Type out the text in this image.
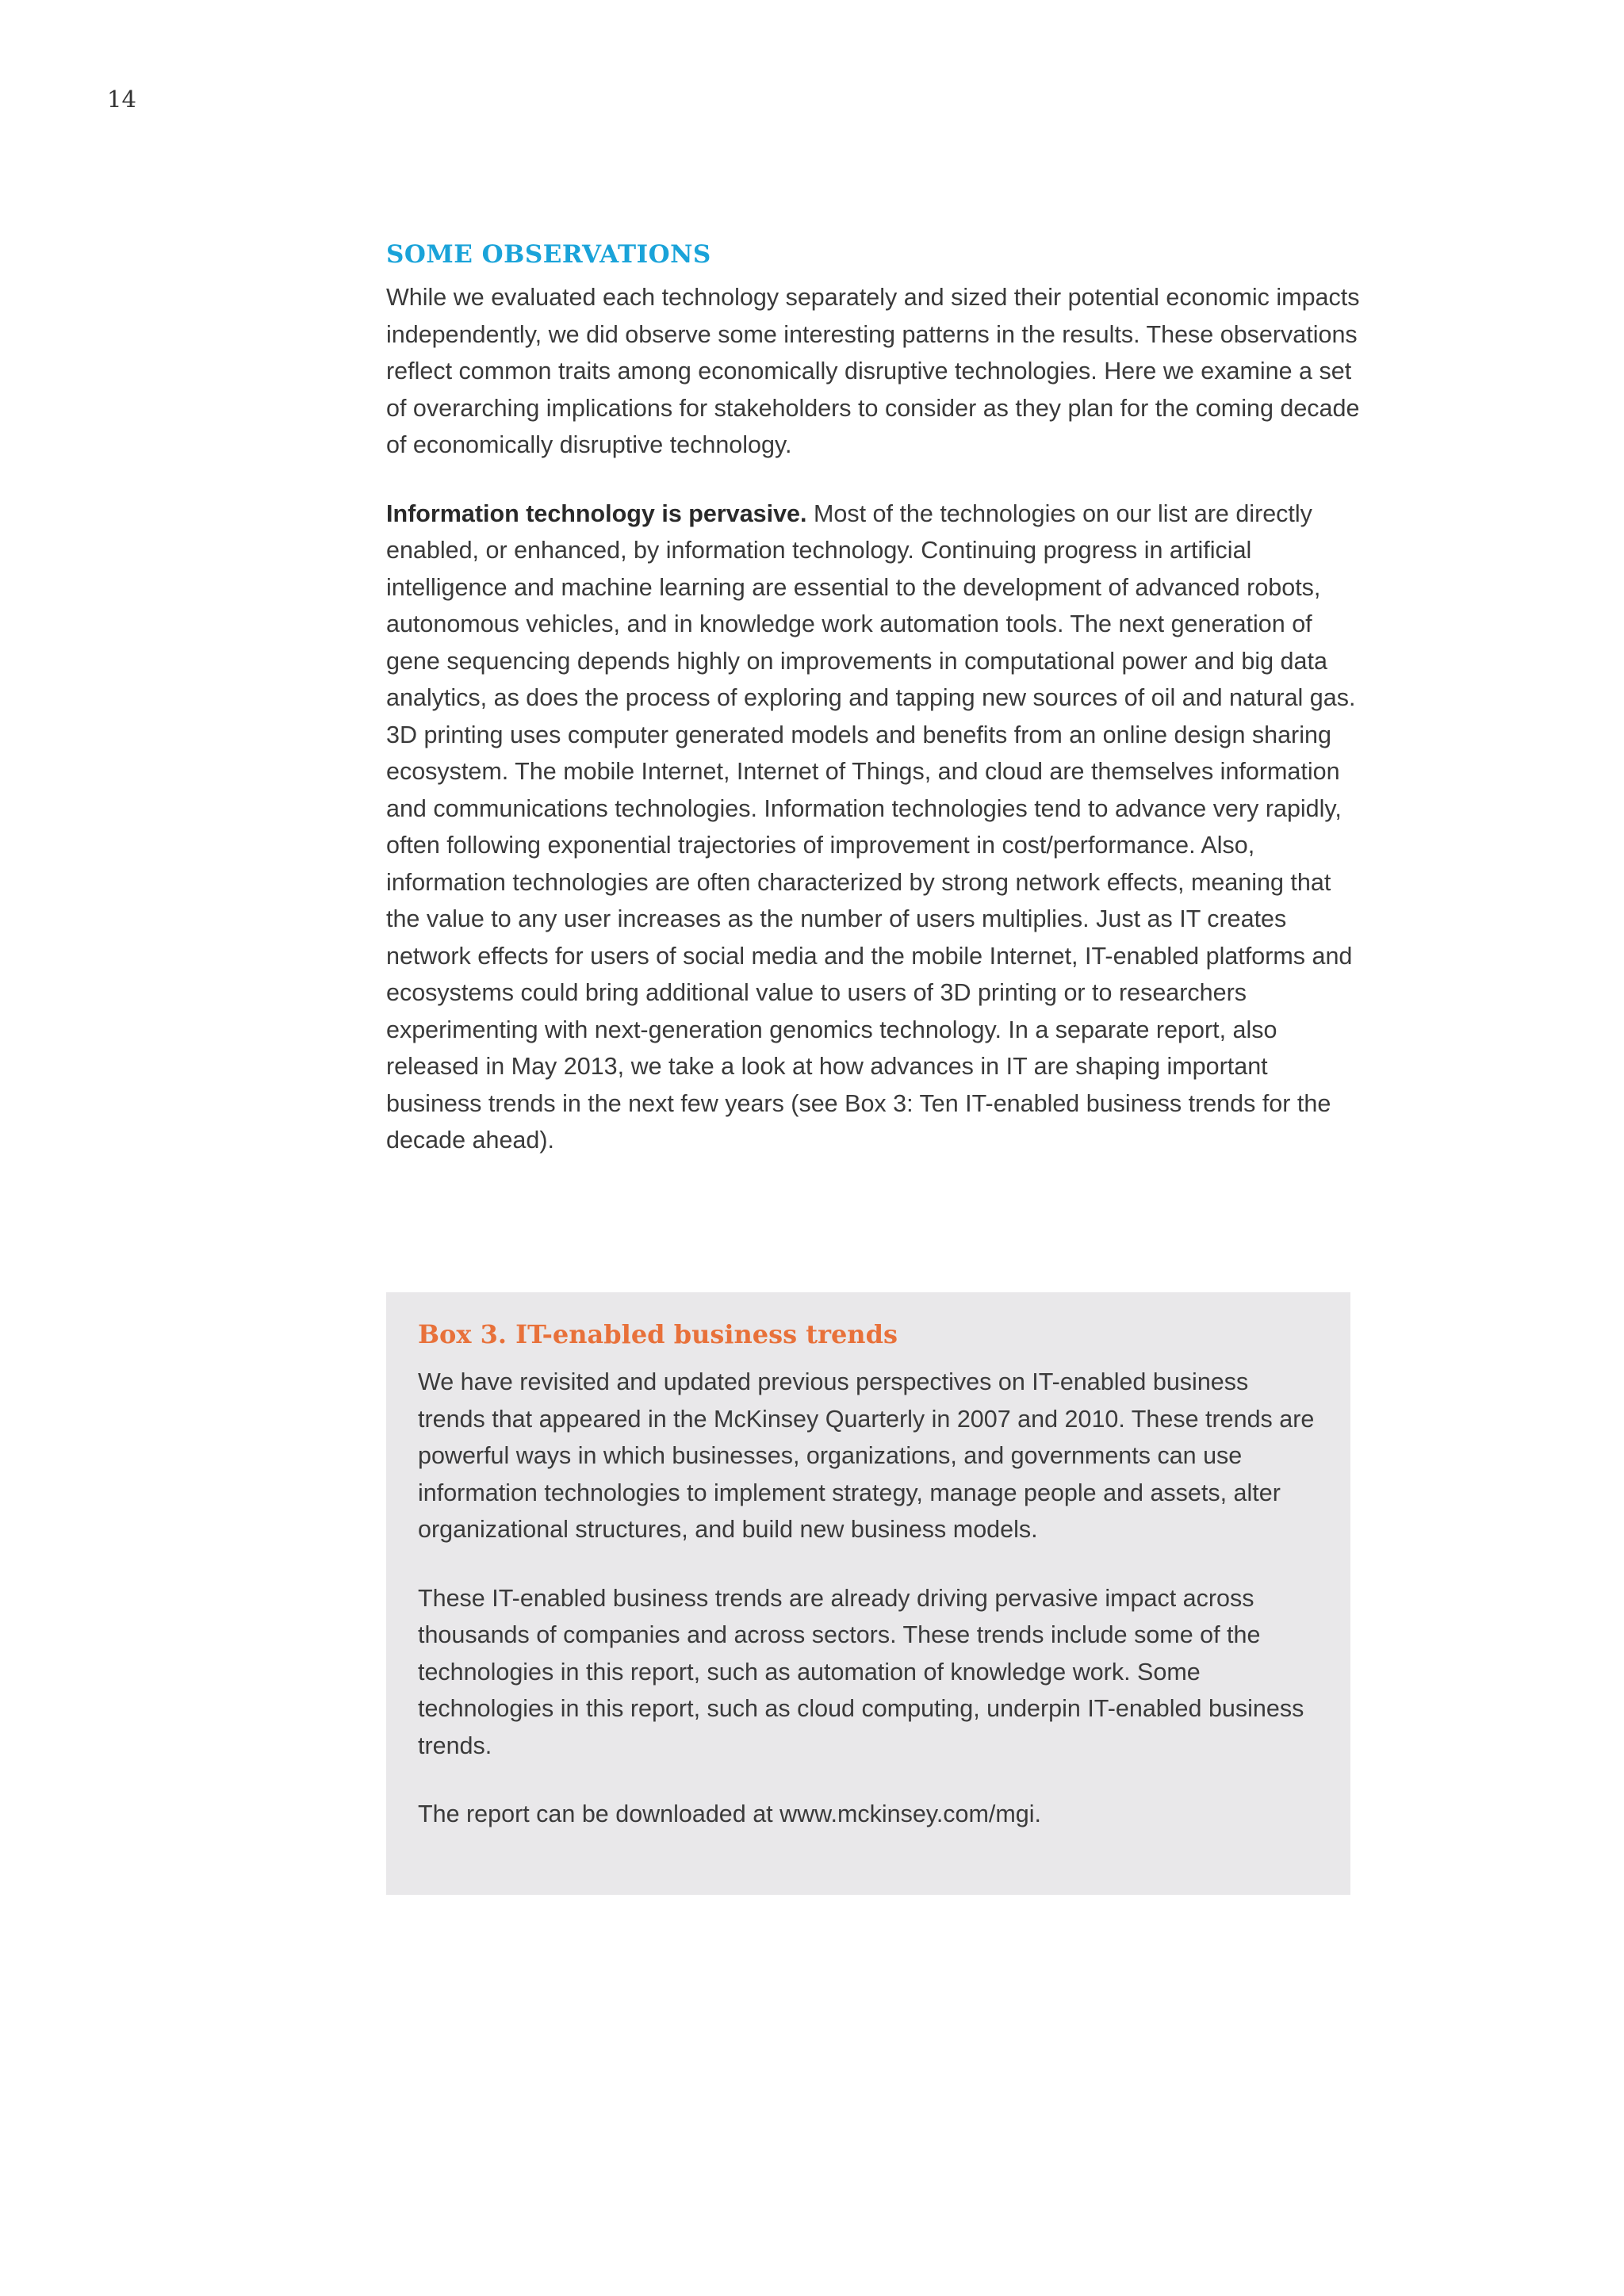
14
SOME OBSERVATIONS

While we evaluated each technology separately and sized their potential economic impacts independently, we did observe some interesting patterns in the results. These observations reflect common traits among economically disruptive technologies. Here we examine a set of overarching implications for stakeholders to consider as they plan for the coming decade of economically disruptive technology.

Information technology is pervasive. Most of the technologies on our list are directly enabled, or enhanced, by information technology. Continuing progress in artificial intelligence and machine learning are essential to the development of advanced robots, autonomous vehicles, and in knowledge work automation tools. The next generation of gene sequencing depends highly on improvements in computational power and big data analytics, as does the process of exploring and tapping new sources of oil and natural gas. 3D printing uses computer generated models and benefits from an online design sharing ecosystem. The mobile Internet, Internet of Things, and cloud are themselves information and communications technologies. Information technologies tend to advance very rapidly, often following exponential trajectories of improvement in cost/performance. Also, information technologies are often characterized by strong network effects, meaning that the value to any user increases as the number of users multiplies. Just as IT creates network effects for users of social media and the mobile Internet, IT-enabled platforms and ecosystems could bring additional value to users of 3D printing or to researchers experimenting with next-generation genomics technology. In a separate report, also released in May 2013, we take a look at how advances in IT are shaping important business trends in the next few years (see Box 3: Ten IT-enabled business trends for the decade ahead).

Box 3. IT-enabled business trends

We have revisited and updated previous perspectives on IT-enabled business trends that appeared in the McKinsey Quarterly in 2007 and 2010. These trends are powerful ways in which businesses, organizations, and governments can use information technologies to implement strategy, manage people and assets, alter organizational structures, and build new business models.

These IT-enabled business trends are already driving pervasive impact across thousands of companies and across sectors. These trends include some of the technologies in this report, such as automation of knowledge work. Some technologies in this report, such as cloud computing, underpin IT-enabled business trends.

The report can be downloaded at www.mckinsey.com/mgi.
